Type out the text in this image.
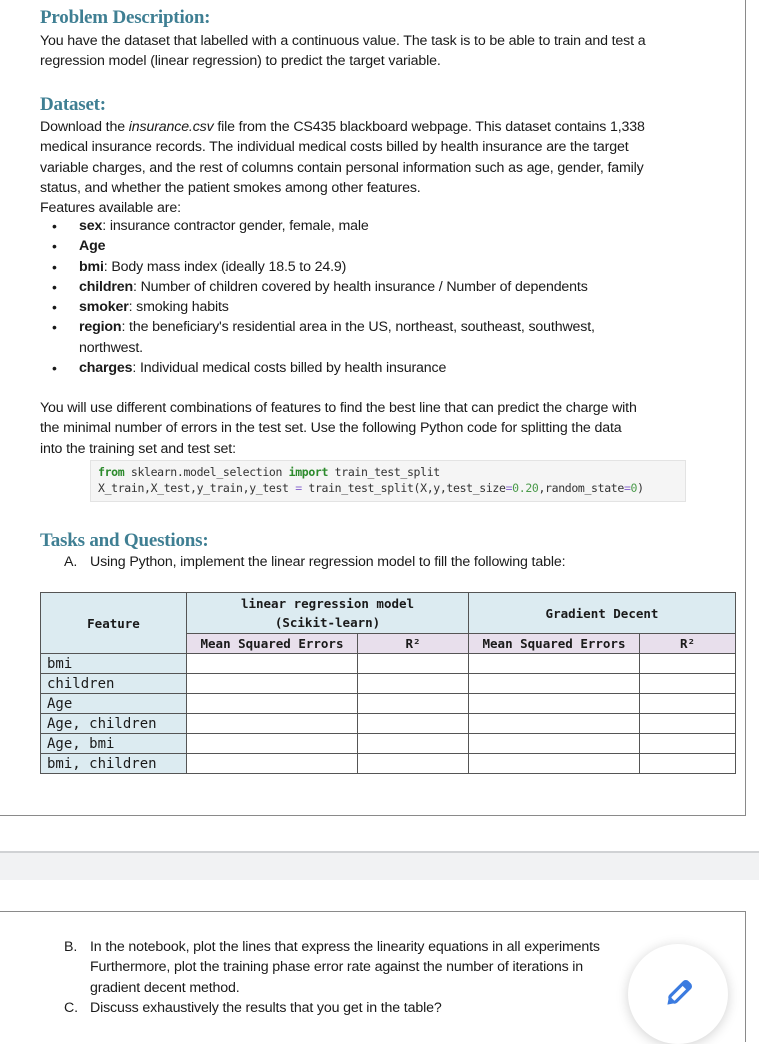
Problem Description:
You have the dataset that labelled with a continuous value. The task is to be able to train and test a
regression model (linear regression) to predict the target variable.
Dataset:
Download the insurance.csv file from the CS435 blackboard webpage. This dataset contains 1,338
medical insurance records. The individual medical costs billed by health insurance are the target
variable charges, and the rest of columns contain personal information such as age, gender, family
status, and whether the patient smokes among other features.
Features available are:
• sex: insurance contractor gender, female, male
• Age
• bmi: Body mass index (ideally 18.5 to 24.9)
• children: Number of children covered by health insurance / Number of dependents
• smoker: smoking habits
• region: the beneficiary's residential area in the US, northeast, southeast, southwest,
northwest.
• charges: Individual medical costs billed by health insurance
You will use different combinations of features to find the best line that can predict the charge with
the minimal number of errors in the test set. Use the following Python code for splitting the data
into the training set and test set:
from sklearn.model_selection import train_test_split
X_train,X_test,y_train,y_test = train_test_split(X,y,test_size=0.20,random_state=0)
Tasks and Questions:
A. Using Python, implement the linear regression model to fill the following table:
Feature	linear regression model
(Scikit-learn)		Gradient Decent	
	Mean Squared Errors	R²	Mean Squared Errors	R²
bmi				
children				
Age				
Age, children				
Age, bmi				
bmi, children				
B. In the notebook, plot the lines that express the linearity equations in all experiments
Furthermore, plot the training phase error rate against the number of iterations in
gradient decent method.
C. Discuss exhaustively the results that you get in the table?
